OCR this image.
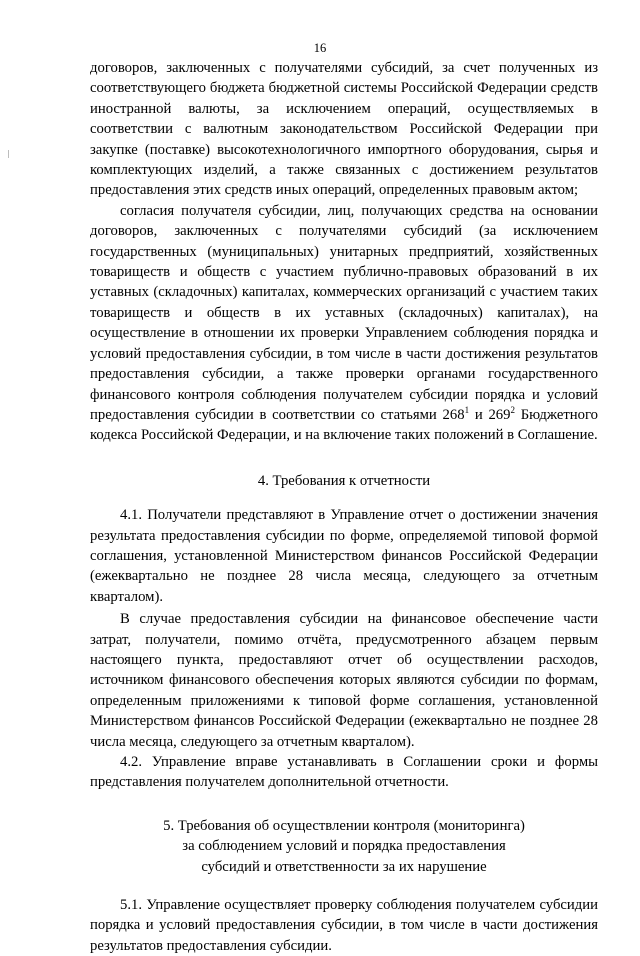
16

договоров, заключенных с получателями субсидий, за счет полученных из соответствующего бюджета бюджетной системы Российской Федерации средств иностранной валюты, за исключением операций, осуществляемых в соответствии с валютным законодательством Российской Федерации при закупке (поставке) высокотехнологичного импортного оборудования, сырья и комплектующих изделий, а также связанных с достижением результатов предоставления этих средств иных операций, определенных правовым актом;

согласия получателя субсидии, лиц, получающих средства на основании договоров, заключенных с получателями субсидий (за исключением государственных (муниципальных) унитарных предприятий, хозяйственных товариществ и обществ с участием публично-правовых образований в их уставных (складочных) капиталах, коммерческих организаций с участием таких товариществ и обществ в их уставных (складочных) капиталах), на осуществление в отношении их проверки Управлением соблюдения порядка и условий предоставления субсидии, в том числе в части достижения результатов предоставления субсидии, а также проверки органами государственного финансового контроля соблюдения получателем субсидии порядка и условий предоставления субсидии в соответствии со статьями $268^1$ и $269^2$ Бюджетного кодекса Российской Федерации, и на включение таких положений в Соглашение.

4. Требования к отчетности

4.1. Получатели представляют в Управление отчет о достижении значения результата предоставления субсидии по форме, определяемой типовой формой соглашения, установленной Министерством финансов Российской Федерации (ежеквартально не позднее 28 числа месяца, следующего за отчетным кварталом).

В случае предоставления субсидии на финансовое обеспечение части затрат, получатели, помимо отчёта, предусмотренного абзацем первым настоящего пункта, предоставляют отчет об осуществлении расходов, источником финансового обеспечения которых являются субсидии по формам, определенным приложениями к типовой форме соглашения, установленной Министерством финансов Российской Федерации (ежеквартально не позднее 28 числа месяца, следующего за отчетным кварталом).

4.2. Управление вправе устанавливать в Соглашении сроки и формы представления получателем дополнительной отчетности.

5. Требования об осуществлении контроля (мониторинга)

за соблюдением условий и порядка предоставления

субсидий и ответственности за их нарушение

5.1. Управление осуществляет проверку соблюдения получателем субсидии порядка и условий предоставления субсидии, в том числе в части достижения результатов предоставления субсидии.
